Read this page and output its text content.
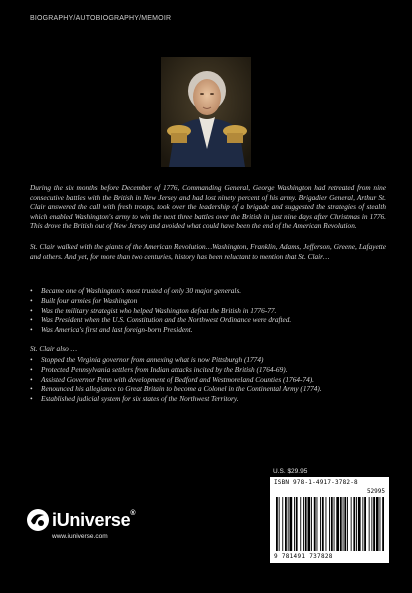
BIOGRAPHY/AUTOBIOGRAPHY/MEMOIR

During the six months before December of 1776, Commanding General, George Washington had retreated from nine consecutive battles with the British in New Jersey and had lost ninety percent of his army. Brigadier General, Arthur St. Clair answered the call with fresh troops, took over the leadership of a brigade and suggested the strategies of stealth which enabled Washington's army to win the next three battles over the British in just nine days after Christmas in 1776. This drove the British out of New Jersey and avoided what could have been the end of the American Revolution.

St. Clair walked with the giants of the American Revolution…Washington, Franklin, Adams, Jefferson, Greene, Lafayette and others. And yet, for more than two centuries, history has been reluctant to mention that St. Clair…

• Became one of Washington's most trusted of only 30 major generals.
• Built four armies for Washington
• Was the military strategist who helped Washington defeat the British in 1776-77.
• Was President when the U.S. Constitution and the Northwest Ordinance were drafted.
• Was America's first and last foreign-born President.
St. Clair also …
• Stopped the Virginia governor from annexing what is now Pittsburgh (1774)
• Protected Pennsylvania settlers from Indian attacks incited by the British (1764-69).
• Assisted Governor Penn with development of Bedford and Westmoreland Counties (1764-74).
• Renounced his allegiance to Great Britain to become a Colonel in the Continental Army (1774).
• Established judicial system for six states of the Northwest Territory.
U.S. $29.95
ISBN 978-1-4917-3782-8
52995
9 781491 737828
iUniverse®
www.iuniverse.com
